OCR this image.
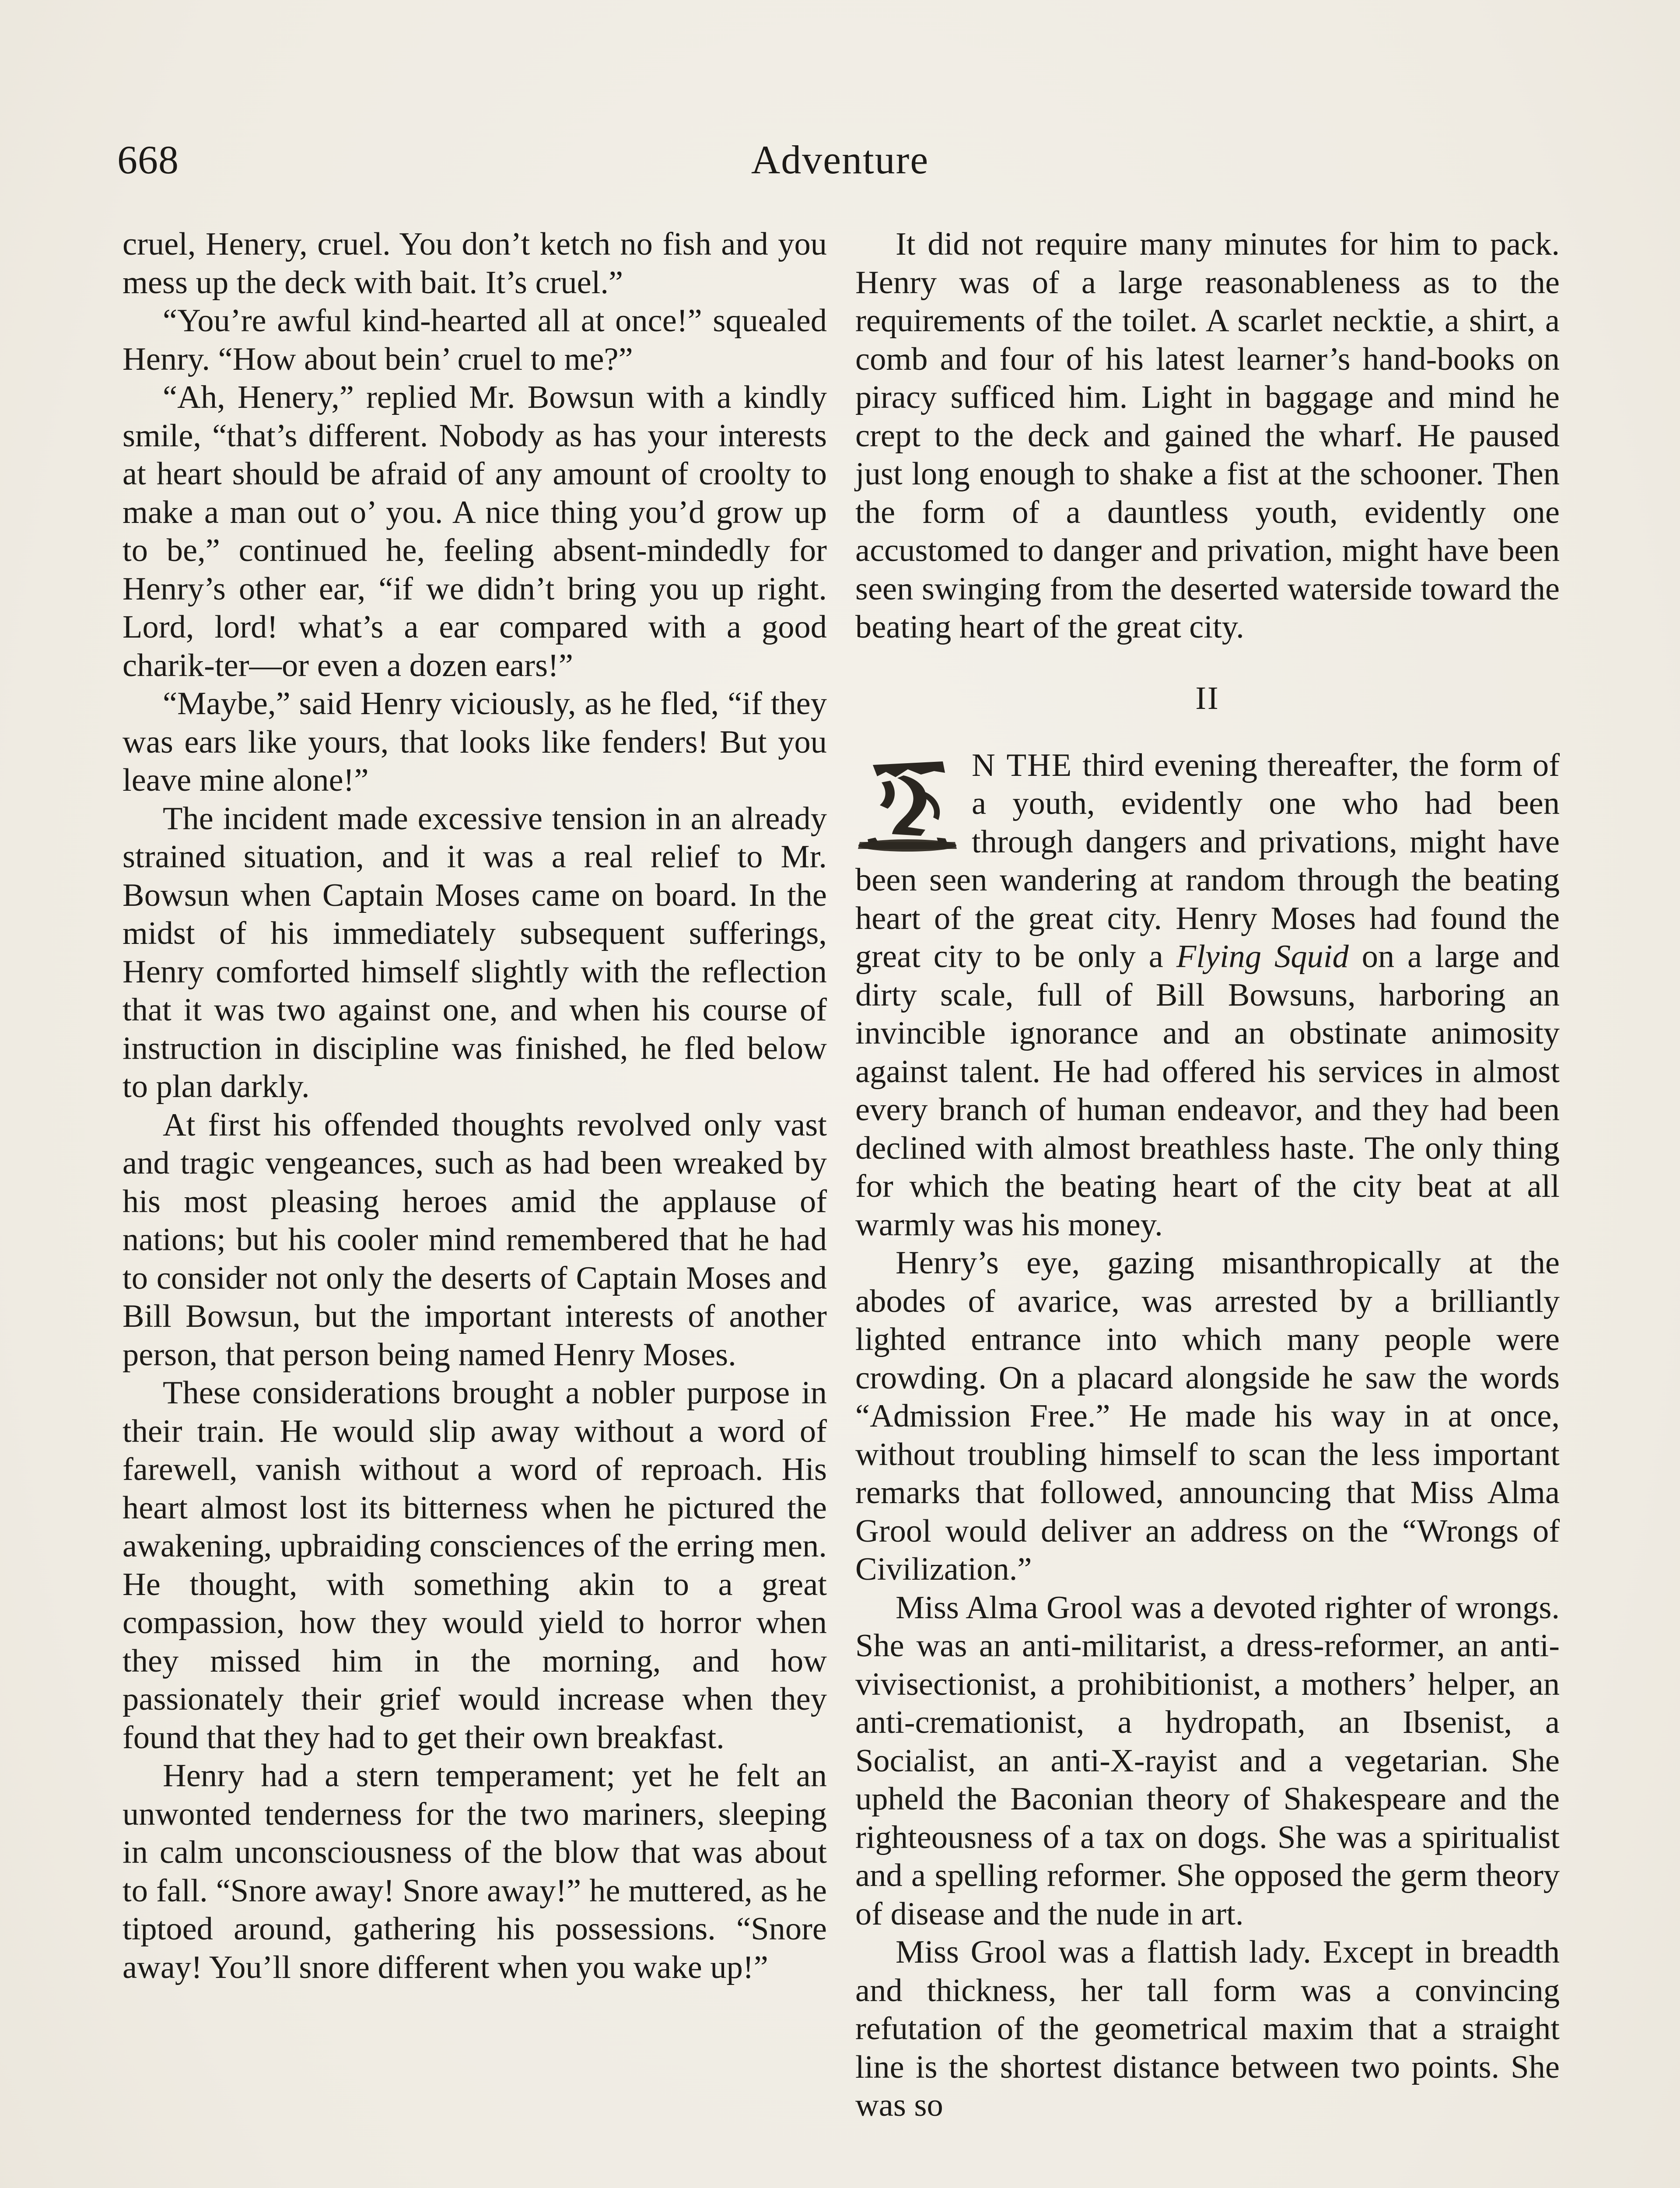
668	Adventure

cruel, Henery, cruel. You don’t ketch no fish and you mess up the deck with bait. It’s cruel.”

“You’re awful kind-hearted all at once!” squealed Henry. “How about bein’ cruel to me?”

“Ah, Henery,” replied Mr. Bowsun with a kindly smile, “that’s different. Nobody as has your interests at heart should be afraid of any amount of croolty to make a man out o’ you. A nice thing you’d grow up to be,” continued he, feeling absent-mindedly for Henry’s other ear, “if we didn’t bring you up right. Lord, lord! what’s a ear compared with a good charik-ter—or even a dozen ears!”

“Maybe,” said Henry viciously, as he fled, “if they was ears like yours, that looks like fenders! But you leave mine alone!”

The incident made excessive tension in an already strained situation, and it was a real relief to Mr. Bowsun when Captain Moses came on board. In the midst of his immediately subsequent sufferings, Henry comforted himself slightly with the reflection that it was two against one, and when his course of instruction in discipline was finished, he fled below to plan darkly.

At first his offended thoughts revolved only vast and tragic vengeances, such as had been wreaked by his most pleasing heroes amid the applause of nations; but his cooler mind remembered that he had to consider not only the deserts of Captain Moses and Bill Bowsun, but the important interests of another person, that person being named Henry Moses.

These considerations brought a nobler purpose in their train. He would slip away without a word of farewell, vanish without a word of reproach. His heart almost lost its bitterness when he pictured the awakening, upbraiding consciences of the erring men. He thought, with something akin to a great compassion, how they would yield to horror when they missed him in the morning, and how passionately their grief would increase when they found that they had to get their own breakfast.

Henry had a stern temperament; yet he felt an unwonted tenderness for the two mariners, sleeping in calm unconsciousness of the blow that was about to fall. “Snore away! Snore away!” he muttered, as he tiptoed around, gathering his possessions. “Snore away! You’ll snore different when you wake up!”

It did not require many minutes for him to pack. Henry was of a large reasonableness as to the requirements of the toilet. A scarlet necktie, a shirt, a comb and four of his latest learner’s hand-books on piracy sufficed him. Light in baggage and mind he crept to the deck and gained the wharf. He paused just long enough to shake a fist at the schooner. Then the form of a dauntless youth, evidently one accustomed to danger and privation, might have been seen swinging from the deserted waterside toward the beating heart of the great city.

II

N THE third evening thereafter, the form of a youth, evidently one who had been through dangers and privations, might have been seen wandering at random through the beating heart of the great city. Henry Moses had found the great city to be only a Flying Squid on a large and dirty scale, full of Bill Bowsuns, harboring an invincible ignorance and an obstinate animosity against talent. He had offered his services in almost every branch of human endeavor, and they had been declined with almost breathless haste. The only thing for which the beating heart of the city beat at all warmly was his money.

Henry’s eye, gazing misanthropically at the abodes of avarice, was arrested by a brilliantly lighted entrance into which many people were crowding. On a placard alongside he saw the words “Admission Free.” He made his way in at once, without troubling himself to scan the less important remarks that followed, announcing that Miss Alma Grool would deliver an address on the “Wrongs of Civilization.”

Miss Alma Grool was a devoted righter of wrongs. She was an anti-militarist, a dress-reformer, an anti-vivisectionist, a prohibitionist, a mothers’ helper, an anti-cremationist, a hydropath, an Ibsenist, a Socialist, an anti-X-rayist and a vegetarian. She upheld the Baconian theory of Shakespeare and the righteousness of a tax on dogs. She was a spiritualist and a spelling reformer. She opposed the germ theory of disease and the nude in art.

Miss Grool was a flattish lady. Except in breadth and thickness, her tall form was a convincing refutation of the geometrical maxim that a straight line is the shortest distance between two points. She was so
